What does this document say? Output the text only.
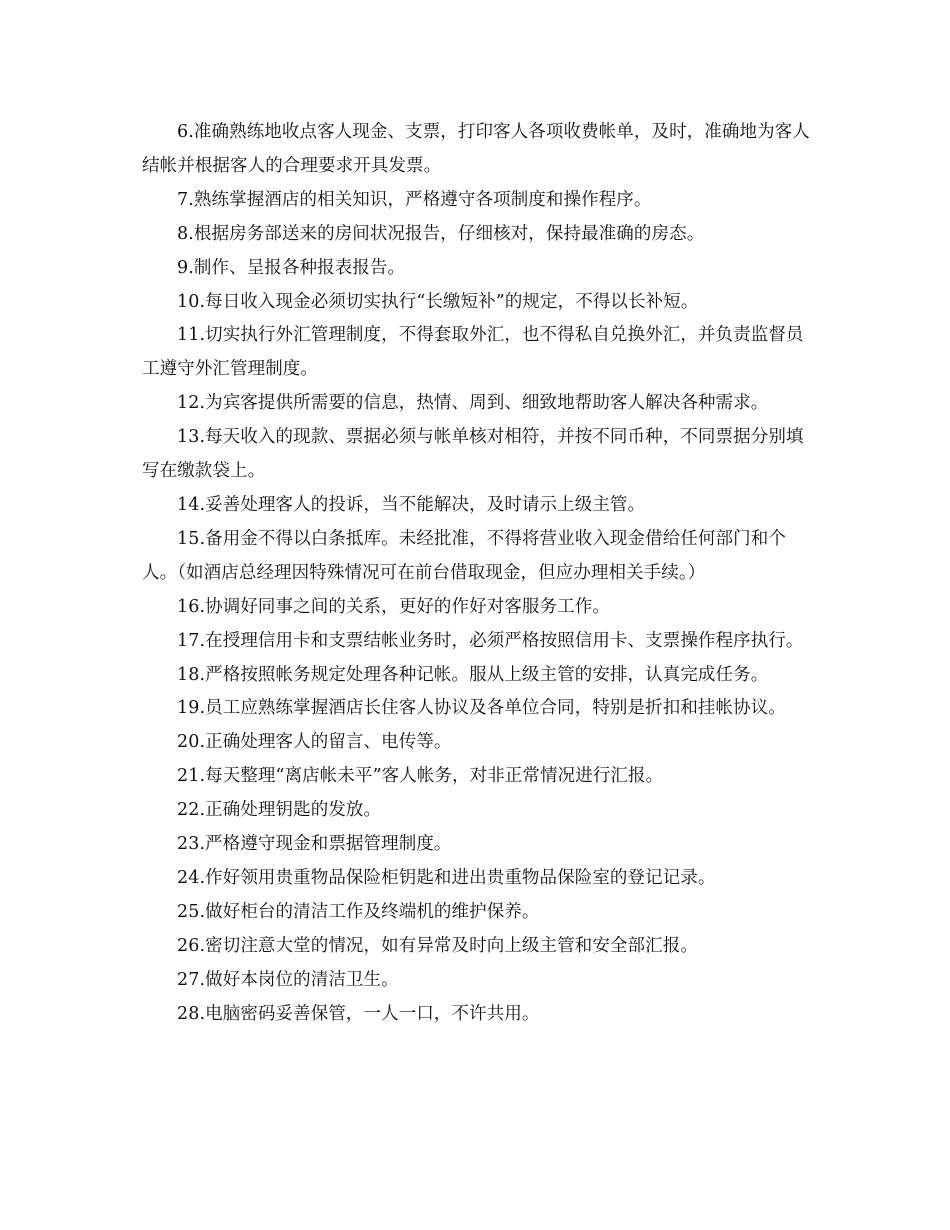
6.准确熟练地收点客人现金、支票，打印客人各项收费帐单，及时，准确地为客人结帐并根据客人的合理要求开具发票。

7.熟练掌握酒店的相关知识，严格遵守各项制度和操作程序。

8.根据房务部送来的房间状况报告，仔细核对，保持最准确的房态。

9.制作、呈报各种报表报告。

10.每日收入现金必须切实执行“长缴短补”的规定，不得以长补短。

11.切实执行外汇管理制度，不得套取外汇，也不得私自兑换外汇，并负责监督员工遵守外汇管理制度。

12.为宾客提供所需要的信息，热情、周到、细致地帮助客人解决各种需求。

13.每天收入的现款、票据必须与帐单核对相符，并按不同币种，不同票据分别填写在缴款袋上。

14.妥善处理客人的投诉，当不能解决，及时请示上级主管。

15.备用金不得以白条抵库。未经批准，不得将营业收入现金借给任何部门和个人。（如酒店总经理因特殊情况可在前台借取现金，但应办理相关手续。）

16.协调好同事之间的关系，更好的作好对客服务工作。

17.在授理信用卡和支票结帐业务时，必须严格按照信用卡、支票操作程序执行。

18.严格按照帐务规定处理各种记帐。服从上级主管的安排，认真完成任务。

19.员工应熟练掌握酒店长住客人协议及各单位合同，特别是折扣和挂帐协议。

20.正确处理客人的留言、电传等。

21.每天整理“离店帐未平”客人帐务，对非正常情况进行汇报。

22.正确处理钥匙的发放。

23.严格遵守现金和票据管理制度。

24.作好领用贵重物品保险柜钥匙和进出贵重物品保险室的登记记录。

25.做好柜台的清洁工作及终端机的维护保养。

26.密切注意大堂的情况，如有异常及时向上级主管和安全部汇报。

27.做好本岗位的清洁卫生。

28.电脑密码妥善保管，一人一口，不许共用。
